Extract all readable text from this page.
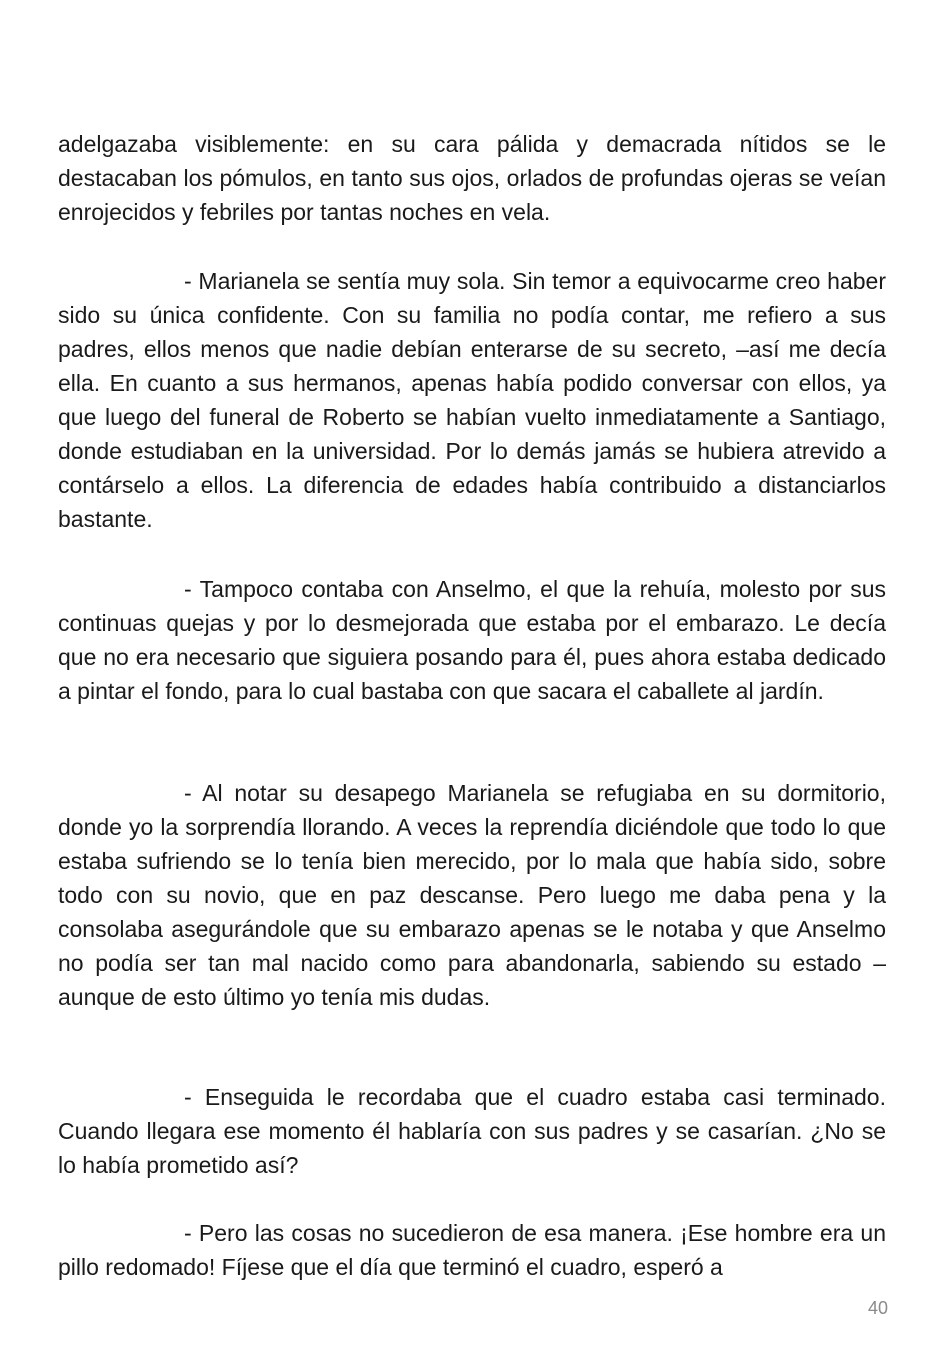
adelgazaba visiblemente: en su cara pálida y demacrada nítidos se le destacaban los pómulos, en tanto sus ojos, orlados de profundas ojeras se veían enrojecidos y febriles por tantas noches en vela.

- Marianela se sentía muy sola. Sin temor a equivocarme creo haber sido su única confidente. Con su familia no podía contar, me refiero a sus padres, ellos menos que nadie debían enterarse de su secreto, –así me decía ella. En cuanto a sus hermanos, apenas había podido conversar con ellos, ya que luego del funeral de Roberto se habían vuelto inmediatamente a Santiago, donde estudiaban en la universidad. Por lo demás jamás se hubiera atrevido a contárselo a ellos. La diferencia de edades había contribuido a distanciarlos bastante.

- Tampoco contaba con Anselmo, el que la rehuía, molesto por sus continuas quejas y por lo desmejorada que estaba por el embarazo. Le decía que no era necesario que siguiera posando para él, pues ahora estaba dedicado a pintar el fondo, para lo cual bastaba con que sacara el caballete al jardín.

- Al notar su desapego Marianela se refugiaba en su dormitorio, donde yo la sorprendía llorando. A veces la reprendía diciéndole que todo lo que estaba sufriendo se lo tenía bien merecido, por lo mala que había sido, sobre todo con su novio, que en paz descanse. Pero luego me daba pena y la consolaba asegurándole que su embarazo apenas se le notaba y que Anselmo no podía ser tan mal nacido como para abandonarla, sabiendo su estado – aunque de esto último yo tenía mis dudas.

- Enseguida le recordaba que el cuadro estaba casi terminado. Cuando llegara ese momento él hablaría con sus padres y se casarían. ¿No se lo había prometido así?

- Pero las cosas no sucedieron de esa manera. ¡Ese hombre era un pillo redomado! Fíjese que el día que terminó el cuadro, esperó a

40
